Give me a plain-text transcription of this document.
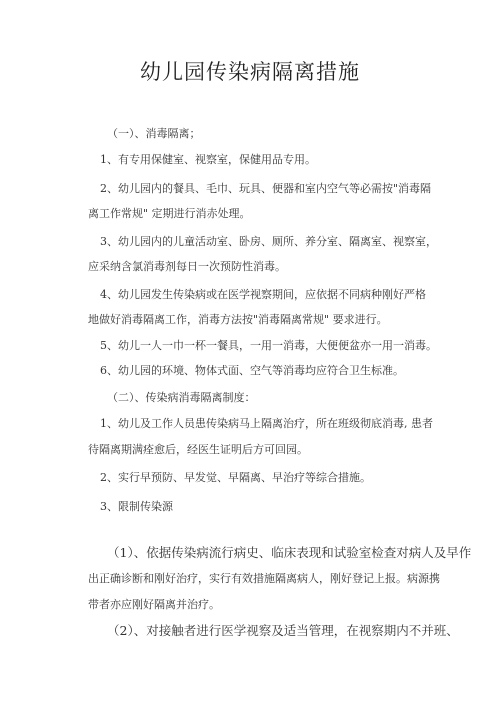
幼儿园传染病隔离措施
（一）、消毒隔离；
1、有专用保健室、视察室，保健用品专用。
2、幼儿园内的餐具、毛巾、玩具、便器和室内空气等必需按"消毒隔
离工作常规" 定期进行消赤处理。
3、幼儿园内的儿童活动室、卧房、厕所、养分室、隔离室、视察室，
应采纳含氯消毒剂每日一次预防性消毒。
4、幼儿园发生传染病或在医学视察期间，应依据不同病种刚好严格
地做好消毒隔离工作，消毒方法按"消毒隔离常规" 要求进行。
5、幼儿一人一巾一杯一餐具，一用一消毒，大便便盆亦一用一消毒。
6、幼儿园的环境、物体式面、空气等消毒均应符合卫生标准。
（二）、传染病消毒隔离制度：
1、幼儿及工作人员患传染病马上隔离治疗，所在班级彻底消毒, 患者
待隔离期满痊愈后，经医生证明后方可回园。
2、实行早预防、早发觉、早隔离、早治疗等综合措施。
3、限制传染源
（1）、依据传染病流行病史、临床表现和试验室检查对病人及早作
出正确诊断和刚好治疗，实行有效措施隔离病人，刚好登记上报。病源携
带者亦应刚好隔离并治疗。
（2）、对接触者进行医学视察及适当管理，在视察期内不并班、
